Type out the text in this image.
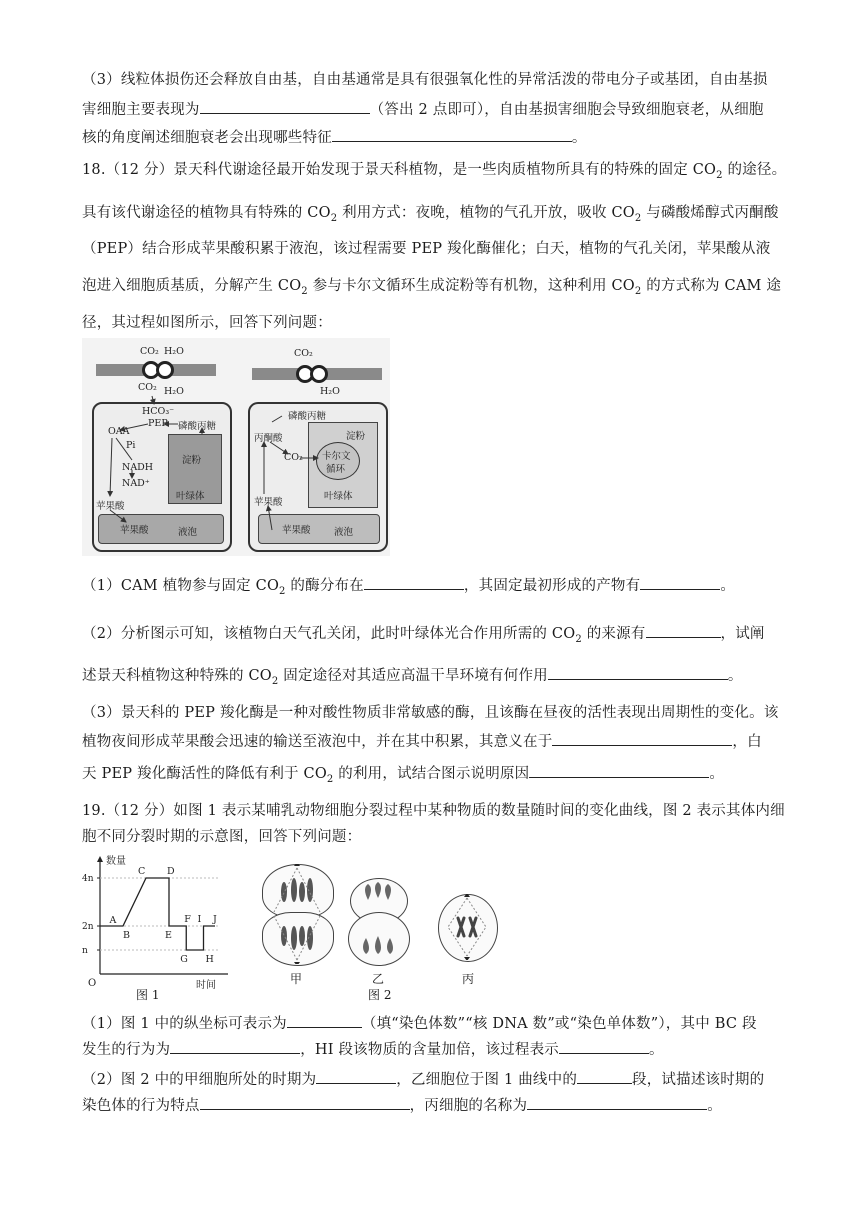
（3）线粒体损伤还会释放自由基，自由基通常是具有很强氧化性的异常活泼的带电分子或基团，自由基损
害细胞主要表现为	（答出 2 点即可），自由基损害细胞会导致细胞衰老，从细胞
核的角度阐述细胞衰老会出现哪些特征	。
18.（12 分）景天科代谢途径最开始发现于景天科植物，是一些肉质植物所具有的特殊的固定 $CO_2$ 的途径。
具有该代谢途径的植物具有特殊的 $CO_2$ 利用方式：夜晚，植物的气孔开放，吸收 $CO_2$ 与磷酸烯醇式丙酮酸
（PEP）结合形成苹果酸积累于液泡，该过程需要 PEP 羧化酶催化；白天，植物的气孔关闭，苹果酸从液
泡进入细胞质基质，分解产生 $CO_2$ 参与卡尔文循环生成淀粉等有机物，这种利用 $CO_2$ 的方式称为 CAM 途
径，其过程如图所示，回答下列问题：
CO₂ H₂O
CO₂ H₂O
HCO₃⁻
PEP 磷酸丙糖
OAA
Pi
NADH
NAD⁺
淀粉
叶绿体
苹果酸
苹果酸	液泡
CO₂
H₂O
磷酸丙糖
丙酮酸
CO₂
淀粉
卡尔文
循环
叶绿体
苹果酸
苹果酸 液泡
（1）CAM 植物参与固定 $CO_2$ 的酶分布在	，其固定最初形成的产物有	。
（2）分析图示可知，该植物白天气孔关闭，此时叶绿体光合作用所需的 $CO_2$ 的来源有	，试阐
述景天科植物这种特殊的 $CO_2$ 固定途径对其适应高温干旱环境有何作用	。
（3）景天科的 PEP 羧化酶是一种对酸性物质非常敏感的酶，且该酶在昼夜的活性表现出周期性的变化。该
植物夜间形成苹果酸会迅速的输送至液泡中，并在其中积累，其意义在于	，白
天 PEP 羧化酶活性的降低有利于 $CO_2$ 的利用，试结合图示说明原因	。
19.（12 分）如图 1 表示某哺乳动物细胞分裂过程中某种物质的数量随时间的变化曲线，图 2 表示其体内细
胞不同分裂时期的示意图，回答下列问题：
数量
时间
O
n
2n
4n
A
B
C D
E
F
G H
I J
图 1
甲	乙	丙
图 2
（1）图 1 中的纵坐标可表示为	（填“染色体数”“核 DNA 数”或“染色单体数”），其中 BC 段
发生的行为为	，HI 段该物质的含量加倍，该过程表示	。
（2）图 2 中的甲细胞所处的时期为	，乙细胞位于图 1 曲线中的	段，试描述该时期的
染色体的行为特点	，丙细胞的名称为	。
